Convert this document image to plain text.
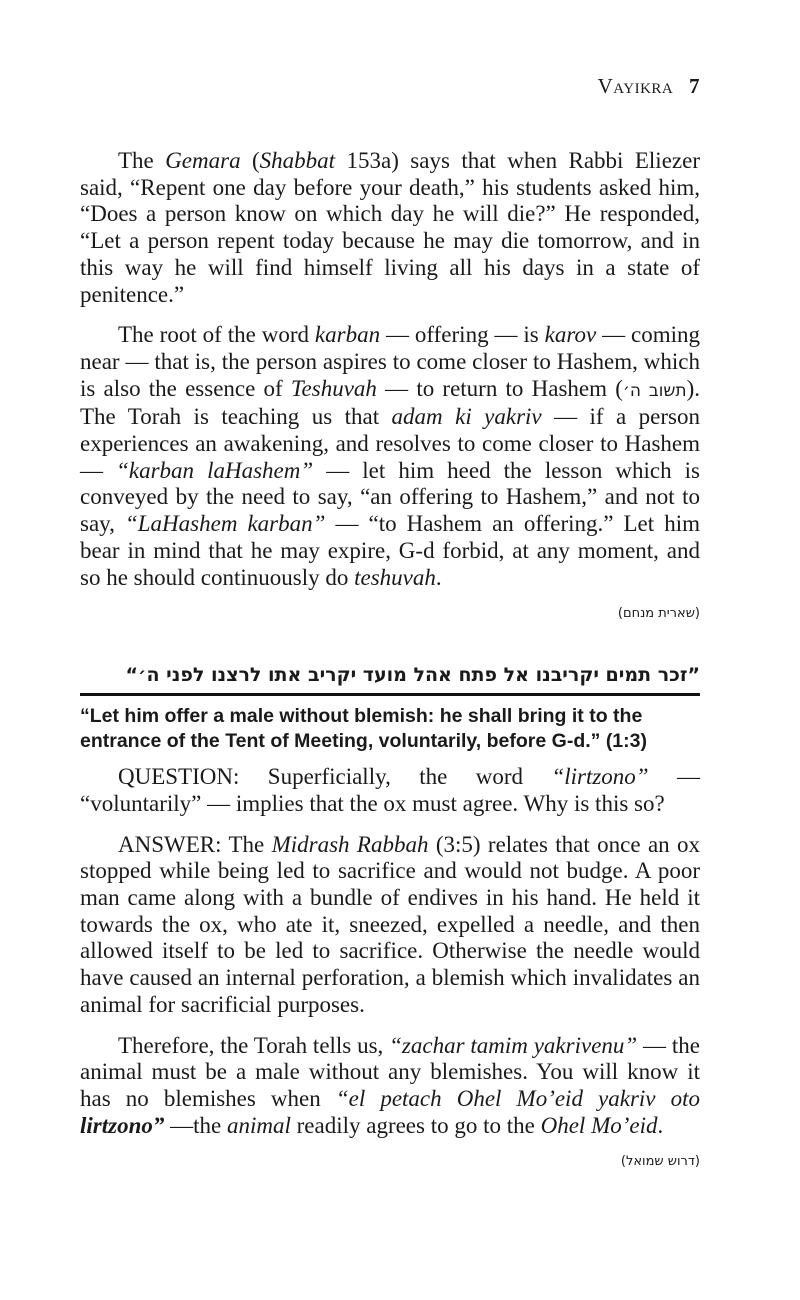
Vayikra 7

The Gemara (Shabbat 153a) says that when Rabbi Eliezer said, “Repent one day before your death,” his students asked him, “Does a person know on which day he will die?” He responded, “Let a person repent today because he may die tomorrow, and in this way he will find himself living all his days in a state of penitence.”

The root of the word karban — offering — is karov — coming near — that is, the person aspires to come closer to Hashem, which is also the essence of Teshuvah — to return to Hashem (תשוב ה׳). The Torah is teaching us that adam ki yakriv — if a person experiences an awakening, and resolves to come closer to Hashem — “karban laHashem” — let him heed the lesson which is conveyed by the need to say, “an offering to Hashem,” and not to say, “LaHashem karban” — “to Hashem an offering.” Let him bear in mind that he may expire, G-d forbid, at any moment, and so he should continuously do teshuvah.

(שארית מנחם)
”זכר תמים יקריבנו אל פתח אהל מועד יקריב אתו לרצנו לפני ה׳“
“Let him offer a male without blemish: he shall bring it to the entrance of the Tent of Meeting, voluntarily, before G-d.” (1:3)

QUESTION: Superficially, the word “lirtzono” — “voluntarily” — implies that the ox must agree. Why is this so?

ANSWER: The Midrash Rabbah (3:5) relates that once an ox stopped while being led to sacrifice and would not budge. A poor man came along with a bundle of endives in his hand. He held it towards the ox, who ate it, sneezed, expelled a needle, and then allowed itself to be led to sacrifice. Otherwise the needle would have caused an internal perforation, a blemish which invalidates an animal for sacrificial purposes.

Therefore, the Torah tells us, “zachar tamim yakrivenu” — the animal must be a male without any blemishes. You will know it has no blemishes when “el petach Ohel Mo’eid yakriv oto lirtzono” —the animal readily agrees to go to the Ohel Mo’eid.

(דרוש שמואל)
